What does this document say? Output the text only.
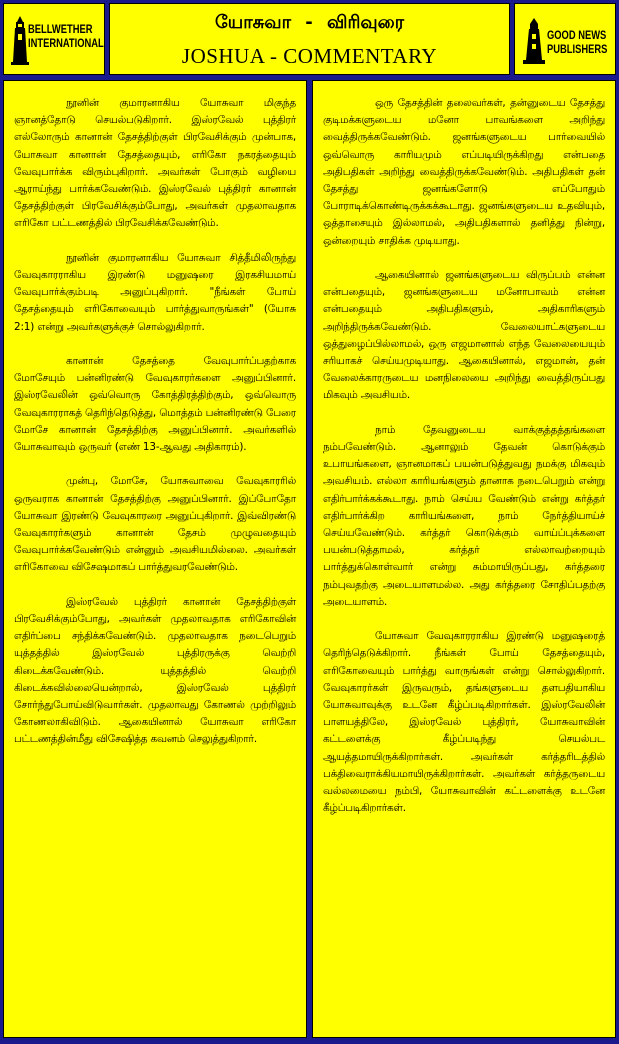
BELLWETHER
INTERNATIONAL
யோசுவா - விரிவுரை
JOSHUA - COMMENTARY
GOOD NEWS
PUBLISHERS

நூனின் குமாரனாகிய யோசுவா மிகுந்த ஞானத்தோடு செயல்படுகிறார். இஸ்ரவேல் புத்திரர் எல்லோரும் கானான் தேசத்திற்குள் பிரவேசிக்கும் முன்பாக, யோசுவா கானான் தேசத்தையும், எரிகோ நகரத்தையும் வேவுபார்க்க விரும்புகிறார். அவர்கள் போகும் வழியை ஆராய்ந்து பார்க்கவேண்டும். இஸ்ரவேல் புத்திரர் கானான் தேசத்திற்குள் பிரவேசிக்கும்போது, அவர்கள் முதலாவதாக எரிகோ பட்டணத்தில் பிரவேசிக்கவேண்டும்.

நூனின் குமாரனாகிய யோசுவா சித்தீமிலிருந்து வேவுகாரராகிய இரண்டு மனுஷரை இரகசியமாய் வேவுபார்க்கும்படி அனுப்புகிறார். "நீங்கள் போய் தேசத்தையும் எரிகோவையும் பார்த்துவாருங்கள்" (யோசு 2:1) என்று அவர்களுக்குச் சொல்லுகிறார்.

கானான் தேசத்தை வேவுபார்ப்பதற்காக மோசேயும் பன்னிரண்டு வேவுகாரர்களை அனுப்பினார். இஸ்ரவேலின் ஒவ்வொரு கோத்திரத்திற்கும், ஒவ்வொரு வேவுகாரராகத் தெரிந்தெடுத்து, மொத்தம் பன்னிரண்டு பேரை மோசே கானான் தேசத்திற்கு அனுப்பினார். அவர்களில் யோசுவாவும் ஒருவர் (எண் 13-ஆவது அதிகாரம்).

முன்பு, மோசே, யோசுவாவை வேவுகாரரில் ஒருவராக கானான் தேசத்திற்கு அனுப்பினார். இப்போதோ யோசுவா இரண்டு வேவுகாரரை அனுப்புகிறார். இவ்விரண்டு வேவுகாரர்களும் கானான் தேசம் முழுவதையும் வேவுபார்க்கவேண்டும் என்னும் அவசியமில்லை. அவர்கள் எரிகோவை விசேஷமாகப் பார்த்துவரவேண்டும்.

இஸ்ரவேல் புத்திரர் கானான் தேசத்திற்குள் பிரவேசிக்கும்போது, அவர்கள் முதலாவதாக எரிகோவின் எதிர்ப்பை சந்திக்கவேண்டும். முதலாவதாக நடைபெறும் யுத்தத்தில் இஸ்ரவேல் புத்திரருக்கு வெற்றி கிடைக்கவேண்டும். யுத்தத்தில் வெற்றி கிடைக்கவில்லையென்றால், இஸ்ரவேல் புத்திரர் சோர்ந்துபோய்விடுவார்கள். முதலாவது கோணல் முற்றிலும் கோணலாகிவிடும். ஆகையினால் யோசுவா எரிகோ பட்டணத்தின்மீது விசேஷித்த கவனம் செலுத்துகிறார்.

ஒரு தேசத்தின் தலைவர்கள், தன்னுடைய தேசத்து குடிமக்களுடைய மனோ பாவங்களை அறிந்து வைத்திருக்கவேண்டும். ஜனங்களுடைய பார்வையில் ஒவ்வொரு காரியமும் எப்படியிருக்கிறது என்பதை அதிபதிகள் அறிந்து வைத்திருக்கவேண்டும். அதிபதிகள் தன் தேசத்து ஜனங்களோடு எப்போதும் போராடிக்கொண்டிருக்கக்கூடாது. ஜனங்களுடைய உதவியும், ஒத்தாசையும் இல்லாமல், அதிபதிகளால் தனித்து நின்று, ஒன்றையும் சாதிக்க முடியாது.

ஆகையினால் ஜனங்களுடைய விருப்பம் என்ன என்பதையும், ஜனங்களுடைய மனோபாவம் என்ன என்பதையும் அதிபதிகளும், அதிகாரிகளும் அறிந்திருக்கவேண்டும். வேலையாட்களுடைய ஒத்துழைப்பில்லாமல், ஒரு எஜமானால் எந்த வேலையையும் சரியாகச் செய்யமுடியாது. ஆகையினால், எஜமான், தன் வேலைக்காரருடைய மனநிலையை அறிந்து வைத்திருப்பது மிகவும் அவசியம்.

நாம் தேவனுடைய வாக்குத்தத்தங்களை நம்பவேண்டும். ஆனாலும் தேவன் கொடுக்கும் உபாயங்களை, ஞானமாகப் பயன்படுத்துவது நமக்கு மிகவும் அவசியம். எல்லா காரியங்களும் தானாக நடைபெறும் என்று எதிர்பார்க்கக்கூடாது. நாம் செய்ய வேண்டும் என்று கர்த்தர் எதிர்பார்க்கிற காரியங்களை, நாம் நேர்த்தியாய்ச் செய்யவேண்டும். கர்த்தர் கொடுக்கும் வாய்ப்புக்களை பயன்படுத்தாமல், கர்த்தர் எல்லாவற்றையும் பார்த்துக்கொள்வார் என்று சும்மாயிருப்பது, கர்த்தரை நம்புவதற்கு அடையாளமல்ல. அது கர்த்தரை சோதிப்பதற்கு அடையாளம்.

யோசுவா வேவுகாரராகிய இரண்டு மனுஷரைத் தெரிந்தெடுக்கிறார். நீங்கள் போய் தேசத்தையும், எரிகோவையும் பார்த்து வாருங்கள் என்று சொல்லுகிறார். வேவுகாரர்கள் இருவரும், தங்களுடைய தளபதியாகிய யோசுவாவுக்கு உடனே கீழ்ப்படிகிறார்கள். இஸ்ரவேலின் பாளயத்திலே, இஸ்ரவேல் புத்திரர், யோசுவாவின் கட்டளைக்கு கீழ்ப்படிந்து செயல்பட ஆயத்தமாயிருக்கிறார்கள். அவர்கள் கர்த்தரிடத்தில் பக்திவைராக்கியமாயிருக்கிறார்கள். அவர்கள் கர்த்தருடைய வல்லமையை நம்பி, யோசுவாவின் கட்டளைக்கு உடனே கீழ்ப்படிகிறார்கள்.
